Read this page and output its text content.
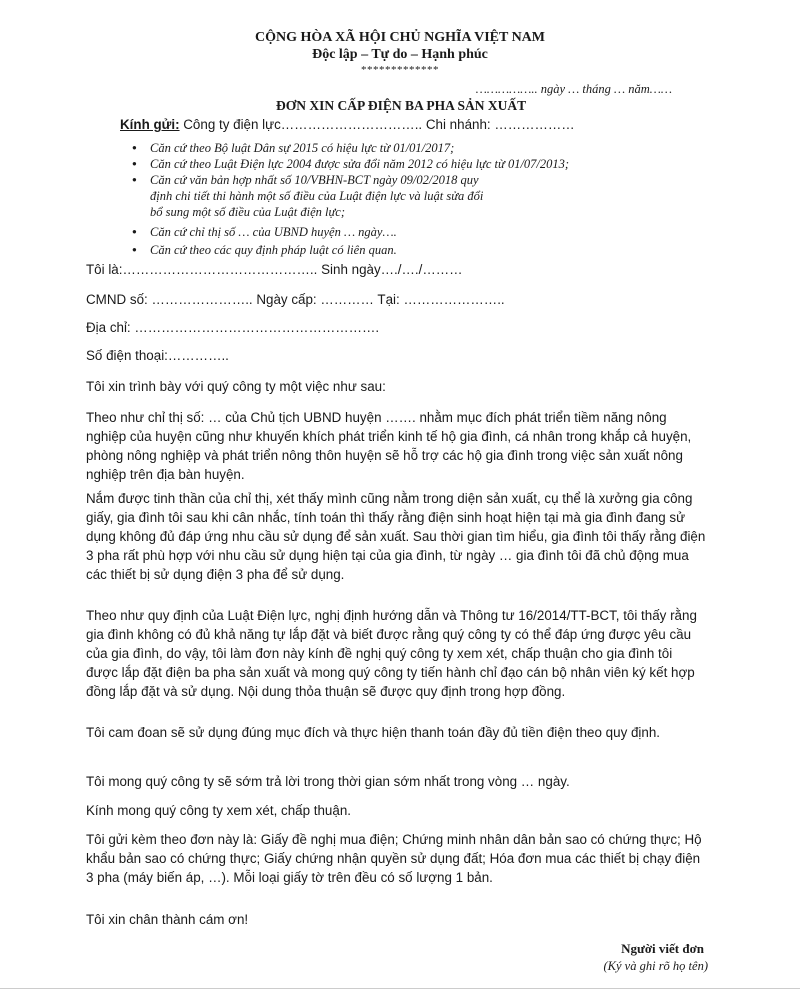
CỘNG HÒA XÃ HỘI CHỦ NGHĨA VIỆT NAM
Độc lập – Tự do – Hạnh phúc
*************
…………….. ngày … tháng … năm……
ĐƠN XIN CẤP ĐIỆN BA PHA SẢN XUẤT
Kính gửi: Công ty điện lực………………………….. Chi nhánh: ………………
● Căn cứ theo Bộ luật Dân sự 2015 có hiệu lực từ 01/01/2017;
● Căn cứ theo Luật Điện lực 2004 được sửa đổi năm 2012 có hiệu lực từ 01/07/2013;
● Căn cứ văn bản hợp nhất số 10/VBHN-BCT ngày 09/02/2018 quy định chi tiết thi hành một số điều của Luật điện lực và luật sửa đổi bổ sung một số điều của Luật điện lực;
● Căn cứ chỉ thị số … của UBND huyện … ngày….
● Căn cứ theo các quy định pháp luật có liên quan.
Tôi là:…………………………………….. Sinh ngày…./…./………
CMND số: ………………….. Ngày cấp: ………… Tại: …………………..
Địa chỉ: ……………………………………………….
Số điện thoại:…………..
Tôi xin trình bày với quý công ty một việc như sau:

Theo như chỉ thị số: … của Chủ tịch UBND huyện ……. nhằm mục đích phát triển tiềm năng nông nghiệp của huyện cũng như khuyến khích phát triển kinh tế hộ gia đình, cá nhân trong khắp cả huyện, phòng nông nghiệp và phát triển nông thôn huyện sẽ hỗ trợ các hộ gia đình trong việc sản xuất nông nghiệp trên địa bàn huyện.

Nắm được tinh thần của chỉ thị, xét thấy mình cũng nằm trong diện sản xuất, cụ thể là xưởng gia công giấy, gia đình tôi sau khi cân nhắc, tính toán thì thấy rằng điện sinh hoạt hiện tại mà gia đình đang sử dụng không đủ đáp ứng nhu cầu sử dụng để sản xuất. Sau thời gian tìm hiểu, gia đình tôi thấy rằng điện 3 pha rất phù hợp với nhu cầu sử dụng hiện tại của gia đình, từ ngày … gia đình tôi đã chủ động mua các thiết bị sử dụng điện 3 pha để sử dụng.

Theo như quy định của Luật Điện lực, nghị định hướng dẫn và Thông tư 16/2014/TT-BCT, tôi thấy rằng gia đình không có đủ khả năng tự lắp đặt và biết được rằng quý công ty có thể đáp ứng được yêu cầu của gia đình, do vậy, tôi làm đơn này kính đề nghị quý công ty xem xét, chấp thuận cho gia đình tôi được lắp đặt điện ba pha sản xuất và mong quý công ty tiến hành chỉ đạo cán bộ nhân viên ký kết hợp đồng lắp đặt và sử dụng. Nội dung thỏa thuận sẽ được quy định trong hợp đồng.

Tôi cam đoan sẽ sử dụng đúng mục đích và thực hiện thanh toán đầy đủ tiền điện theo quy định.

Tôi mong quý công ty sẽ sớm trả lời trong thời gian sớm nhất trong vòng … ngày.

Kính mong quý công ty xem xét, chấp thuận.

Tôi gửi kèm theo đơn này là: Giấy đề nghị mua điện; Chứng minh nhân dân bản sao có chứng thực; Hộ khẩu bản sao có chứng thực; Giấy chứng nhận quyền sử dụng đất; Hóa đơn mua các thiết bị chạy điện 3 pha (máy biến áp, …). Mỗi loại giấy tờ trên đều có số lượng 1 bản.

Tôi xin chân thành cám ơn!

Người viết đơn
(Ký và ghi rõ họ tên)
